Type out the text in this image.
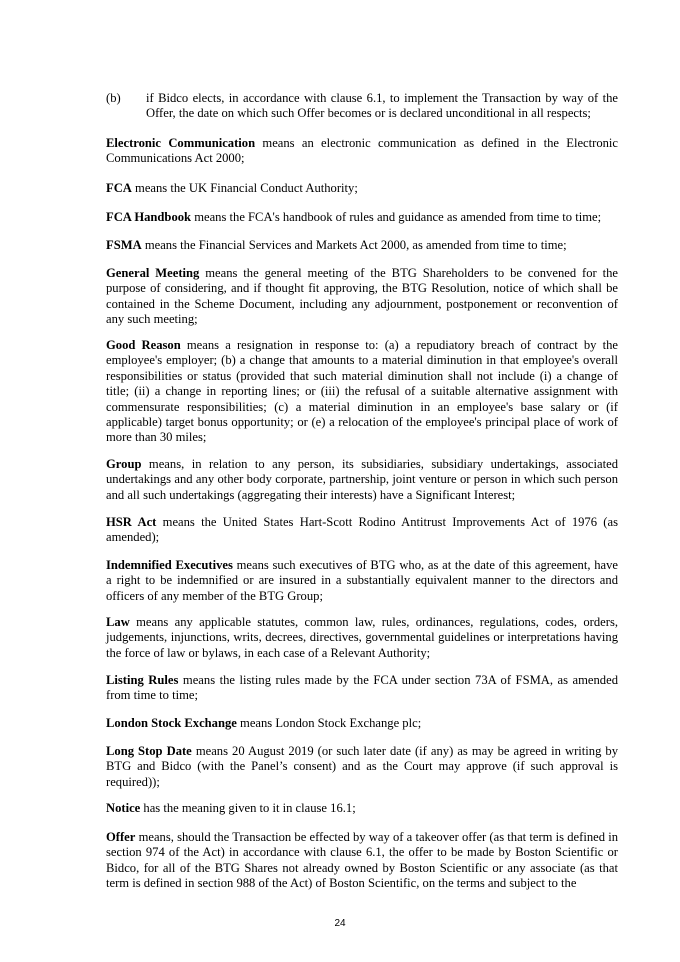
(b) if Bidco elects, in accordance with clause 6.1, to implement the Transaction by way of the Offer, the date on which such Offer becomes or is declared unconditional in all respects;

Electronic Communication means an electronic communication as defined in the Electronic Communications Act 2000;

FCA means the UK Financial Conduct Authority;

FCA Handbook means the FCA's handbook of rules and guidance as amended from time to time;

FSMA means the Financial Services and Markets Act 2000, as amended from time to time;

General Meeting means the general meeting of the BTG Shareholders to be convened for the purpose of considering, and if thought fit approving, the BTG Resolution, notice of which shall be contained in the Scheme Document, including any adjournment, postponement or reconvention of any such meeting;

Good Reason means a resignation in response to: (a) a repudiatory breach of contract by the employee's employer; (b) a change that amounts to a material diminution in that employee's overall responsibilities or status (provided that such material diminution shall not include (i) a change of title; (ii) a change in reporting lines; or (iii) the refusal of a suitable alternative assignment with commensurate responsibilities; (c) a material diminution in an employee's base salary or (if applicable) target bonus opportunity; or (e) a relocation of the employee's principal place of work of more than 30 miles;

Group means, in relation to any person, its subsidiaries, subsidiary undertakings, associated undertakings and any other body corporate, partnership, joint venture or person in which such person and all such undertakings (aggregating their interests) have a Significant Interest;

HSR Act means the United States Hart-Scott Rodino Antitrust Improvements Act of 1976 (as amended);

Indemnified Executives means such executives of BTG who, as at the date of this agreement, have a right to be indemnified or are insured in a substantially equivalent manner to the directors and officers of any member of the BTG Group;

Law means any applicable statutes, common law, rules, ordinances, regulations, codes, orders, judgements, injunctions, writs, decrees, directives, governmental guidelines or interpretations having the force of law or bylaws, in each case of a Relevant Authority;

Listing Rules means the listing rules made by the FCA under section 73A of FSMA, as amended from time to time;

London Stock Exchange means London Stock Exchange plc;

Long Stop Date means 20 August 2019 (or such later date (if any) as may be agreed in writing by BTG and Bidco (with the Panel’s consent) and as the Court may approve (if such approval is required));

Notice has the meaning given to it in clause 16.1;

Offer means, should the Transaction be effected by way of a takeover offer (as that term is defined in section 974 of the Act) in accordance with clause 6.1, the offer to be made by Boston Scientific or Bidco, for all of the BTG Shares not already owned by Boston Scientific or any associate (as that term is defined in section 988 of the Act) of Boston Scientific, on the terms and subject to the

24
